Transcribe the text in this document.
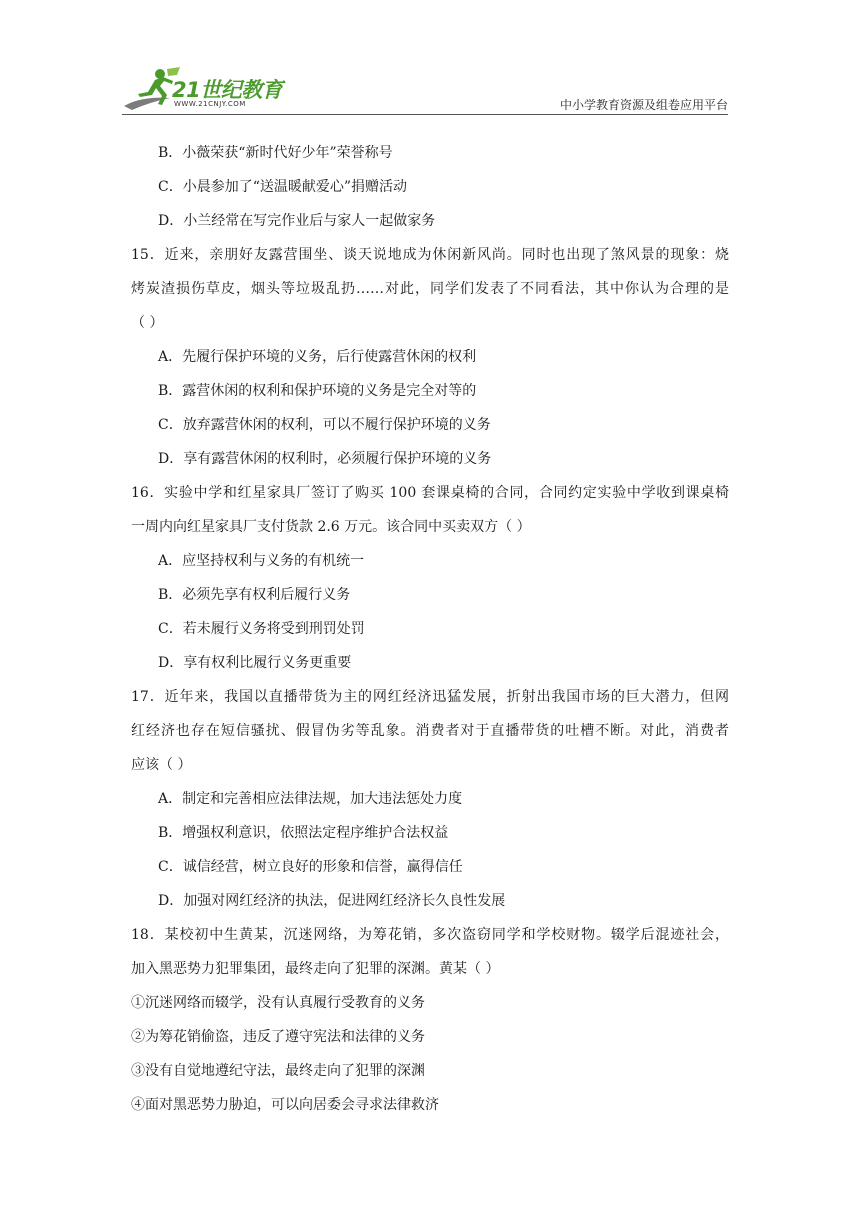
21世纪教育
WWW.21CNJY.COM	中小学教育资源及组卷应用平台
B．小薇荣获“新时代好少年”荣誉称号
C．小晨参加了“送温暖献爱心”捐赠活动
D．小兰经常在写完作业后与家人一起做家务
15．近来，亲朋好友露营围坐、谈天说地成为休闲新风尚。同时也出现了煞风景的现象：烧
烤炭渣损伤草皮，烟头等垃圾乱扔……对此，同学们发表了不同看法，其中你认为合理的是
（ ）
A．先履行保护环境的义务，后行使露营休闲的权利
B．露营休闲的权利和保护环境的义务是完全对等的
C．放弃露营休闲的权利，可以不履行保护环境的义务
D．享有露营休闲的权利时，必须履行保护环境的义务
16．实验中学和红星家具厂签订了购买 100 套课桌椅的合同，合同约定实验中学收到课桌椅
一周内向红星家具厂支付货款 2.6 万元。该合同中买卖双方（ ）
A．应坚持权利与义务的有机统一
B．必须先享有权利后履行义务
C．若未履行义务将受到刑罚处罚
D．享有权利比履行义务更重要
17．近年来，我国以直播带货为主的网红经济迅猛发展，折射出我国市场的巨大潜力，但网
红经济也存在短信骚扰、假冒伪劣等乱象。消费者对于直播带货的吐槽不断。对此，消费者
应该（ ）
A．制定和完善相应法律法规，加大违法惩处力度
B．增强权利意识，依照法定程序维护合法权益
C．诚信经营，树立良好的形象和信誉，赢得信任
D．加强对网红经济的执法，促进网红经济长久良性发展
18．某校初中生黄某，沉迷网络，为筹花销，多次盗窃同学和学校财物。辍学后混迹社会，
加入黑恶势力犯罪集团，最终走向了犯罪的深渊。黄某（ ）
①沉迷网络而辍学，没有认真履行受教育的义务
②为筹花销偷盗，违反了遵守宪法和法律的义务
③没有自觉地遵纪守法，最终走向了犯罪的深渊
④面对黑恶势力胁迫，可以向居委会寻求法律救济
